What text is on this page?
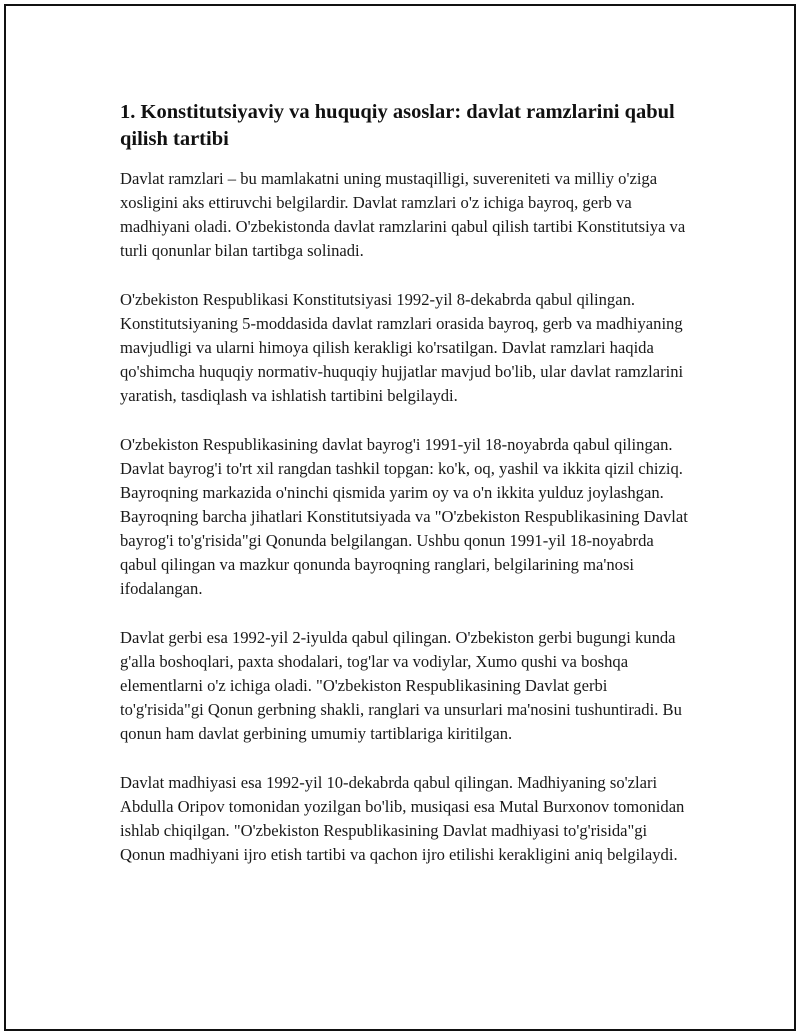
1. Konstitutsiyaviy va huquqiy asoslar: davlat ramzlarini qabul qilish tartibi

Davlat ramzlari – bu mamlakatni uning mustaqilligi, suvereniteti va milliy o'ziga xosligini aks ettiruvchi belgilardir. Davlat ramzlari o'z ichiga bayroq, gerb va madhiyani oladi. O'zbekistonda davlat ramzlarini qabul qilish tartibi Konstitutsiya va turli qonunlar bilan tartibga solinadi.

O'zbekiston Respublikasi Konstitutsiyasi 1992-yil 8-dekabrda qabul qilingan. Konstitutsiyaning 5-moddasida davlat ramzlari orasida bayroq, gerb va madhiyaning mavjudligi va ularni himoya qilish kerakligi ko'rsatilgan. Davlat ramzlari haqida qo'shimcha huquqiy normativ-huquqiy hujjatlar mavjud bo'lib, ular davlat ramzlarini yaratish, tasdiqlash va ishlatish tartibini belgilaydi.

O'zbekiston Respublikasining davlat bayrog'i 1991-yil 18-noyabrda qabul qilingan. Davlat bayrog'i to'rt xil rangdan tashkil topgan: ko'k, oq, yashil va ikkita qizil chiziq. Bayroqning markazida o'ninchi qismida yarim oy va o'n ikkita yulduz joylashgan. Bayroqning barcha jihatlari Konstitutsiyada va "O'zbekiston Respublikasining Davlat bayrog'i to'g'risida"gi Qonunda belgilangan. Ushbu qonun 1991-yil 18-noyabrda qabul qilingan va mazkur qonunda bayroqning ranglari, belgilarining ma'nosi ifodalangan.

Davlat gerbi esa 1992-yil 2-iyulda qabul qilingan. O'zbekiston gerbi bugungi kunda g'alla boshoqlari, paxta shodalari, tog'lar va vodiylar, Xumo qushi va boshqa elementlarni o'z ichiga oladi. "O'zbekiston Respublikasining Davlat gerbi to'g'risida"gi Qonun gerbning shakli, ranglari va unsurlari ma'nosini tushuntiradi. Bu qonun ham davlat gerbining umumiy tartiblariga kiritilgan.

Davlat madhiyasi esa 1992-yil 10-dekabrda qabul qilingan. Madhiyaning so'zlari Abdulla Oripov tomonidan yozilgan bo'lib, musiqasi esa Mutal Burxonov tomonidan ishlab chiqilgan. "O'zbekiston Respublikasining Davlat madhiyasi to'g'risida"gi Qonun madhiyani ijro etish tartibi va qachon ijro etilishi kerakligini aniq belgilaydi.
